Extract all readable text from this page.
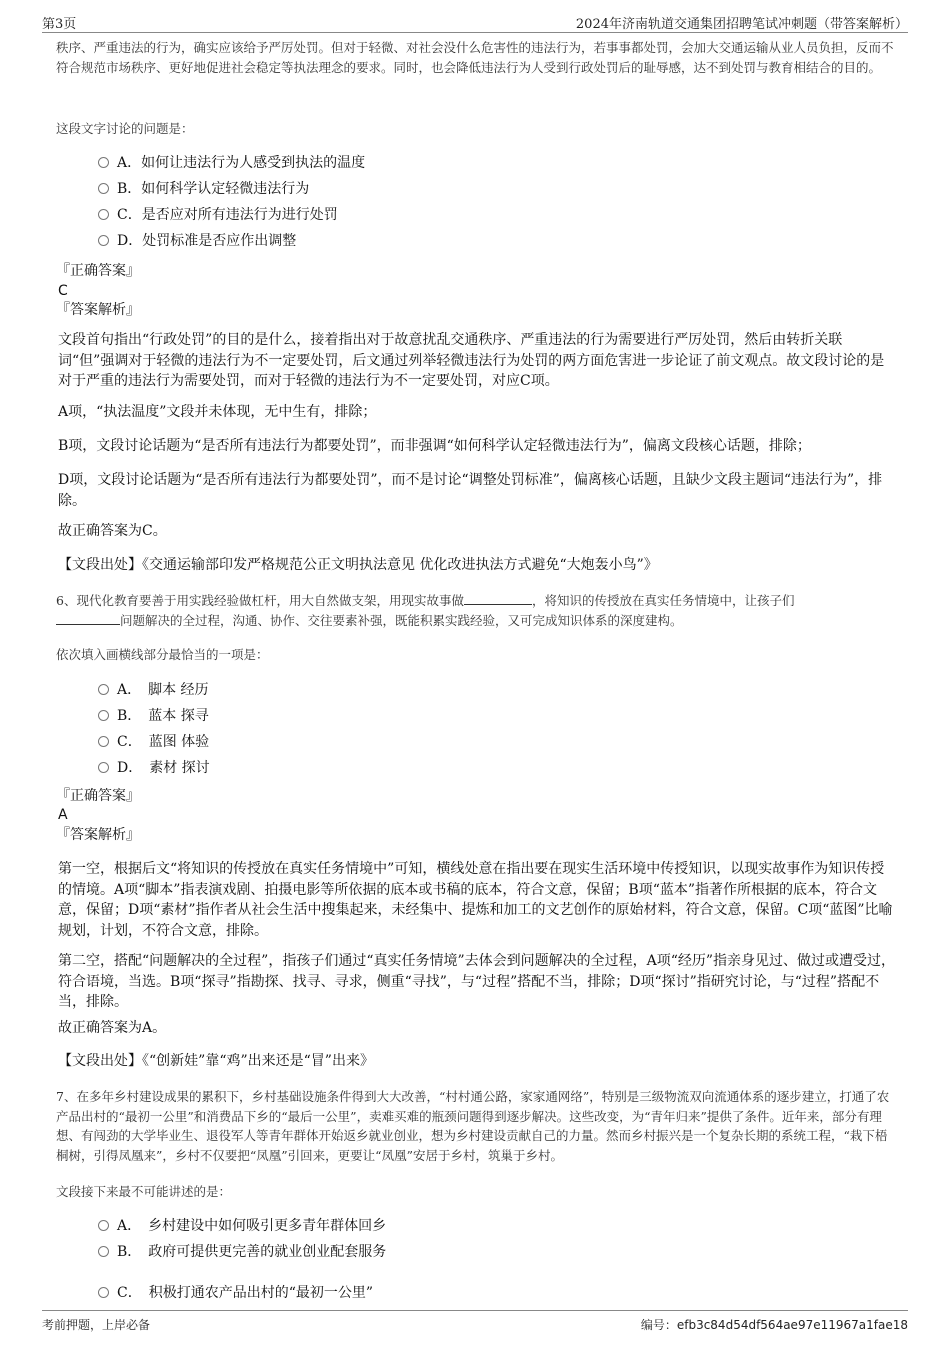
第3页	2024年济南轨道交通集团招聘笔试冲刺题（带答案解析）
秩序、严重违法的行为，确实应该给予严厉处罚。但对于轻微、对社会没什么危害性的违法行为，若事事都处罚，会加大交通运输从业人员负担，反而不符合规范市场秩序、更好地促进社会稳定等执法理念的要求。同时，也会降低违法行为人受到行政处罚后的耻辱感，达不到处罚与教育相结合的目的。
这段文字讨论的问题是：
A．如何让违法行为人感受到执法的温度
B．如何科学认定轻微违法行为
C．是否应对所有违法行为进行处罚
D．处罚标准是否应作出调整
『正确答案』
C
『答案解析』
文段首句指出“行政处罚”的目的是什么，接着指出对于故意扰乱交通秩序、严重违法的行为需要进行严厉处罚，然后由转折关联词“但”强调对于轻微的违法行为不一定要处罚，后文通过列举轻微违法行为处罚的两方面危害进一步论证了前文观点。故文段讨论的是对于严重的违法行为需要处罚，而对于轻微的违法行为不一定要处罚，对应C项。
A项，“执法温度”文段并未体现，无中生有，排除；
B项，文段讨论话题为“是否所有违法行为都要处罚”，而非强调“如何科学认定轻微违法行为”，偏离文段核心话题，排除；
D项，文段讨论话题为“是否所有违法行为都要处罚”，而不是讨论“调整处罚标准”，偏离核心话题，且缺少文段主题词“违法行为”，排除。
故正确答案为C。
【文段出处】《交通运输部印发严格规范公正文明执法意见 优化改进执法方式避免“大炮轰小鸟”》
6、现代化教育要善于用实践经验做杠杆，用大自然做支架，用现实故事做	，将知识的传授放在真实任务情境中，让孩子们
问题解决的全过程，沟通、协作、交往要素补强，既能积累实践经验，又可完成知识体系的深度建构。
依次填入画横线部分最恰当的一项是：
A．　脚本 经历
B．　蓝本 探寻
C．　蓝图 体验
D．　素材 探讨
『正确答案』
A
『答案解析』
第一空，根据后文“将知识的传授放在真实任务情境中”可知，横线处意在指出要在现实生活环境中传授知识，以现实故事作为知识传授的情境。A项“脚本”指表演戏剧、拍摄电影等所依据的底本或书稿的底本，符合文意，保留；B项“蓝本”指著作所根据的底本，符合文意，保留；D项“素材”指作者从社会生活中搜集起来，未经集中、提炼和加工的文艺创作的原始材料，符合文意，保留。C项“蓝图”比喻规划，计划，不符合文意，排除。
第二空，搭配“问题解决的全过程”，指孩子们通过“真实任务情境”去体会到问题解决的全过程，A项“经历”指亲身见过、做过或遭受过，符合语境，当选。B项“探寻”指勘探、找寻、寻求，侧重“寻找”，与“过程”搭配不当，排除；D项“探讨”指研究讨论，与“过程”搭配不当，排除。
故正确答案为A。
【文段出处】《“创新娃”靠“鸡”出来还是“冒”出来》
7、在多年乡村建设成果的累积下，乡村基础设施条件得到大大改善，“村村通公路，家家通网络”，特别是三级物流双向流通体系的逐步建立，打通了农产品出村的“最初一公里”和消费品下乡的“最后一公里”，卖难买难的瓶颈问题得到逐步解决。这些改变，为“青年归来”提供了条件。近年来，部分有理想、有闯劲的大学毕业生、退役军人等青年群体开始返乡就业创业，想为乡村建设贡献自己的力量。然而乡村振兴是一个复杂长期的系统工程，“栽下梧桐树，引得凤凰来”，乡村不仅要把“凤凰”引回来，更要让“凤凰”安居于乡村，筑巢于乡村。
文段接下来最不可能讲述的是：
A．　乡村建设中如何吸引更多青年群体回乡
B．　政府可提供更完善的就业创业配套服务
C．　积极打通农产品出村的“最初一公里”
考前押题，上岸必备	编号：efb3c84d54df564ae97e11967a1fae18
